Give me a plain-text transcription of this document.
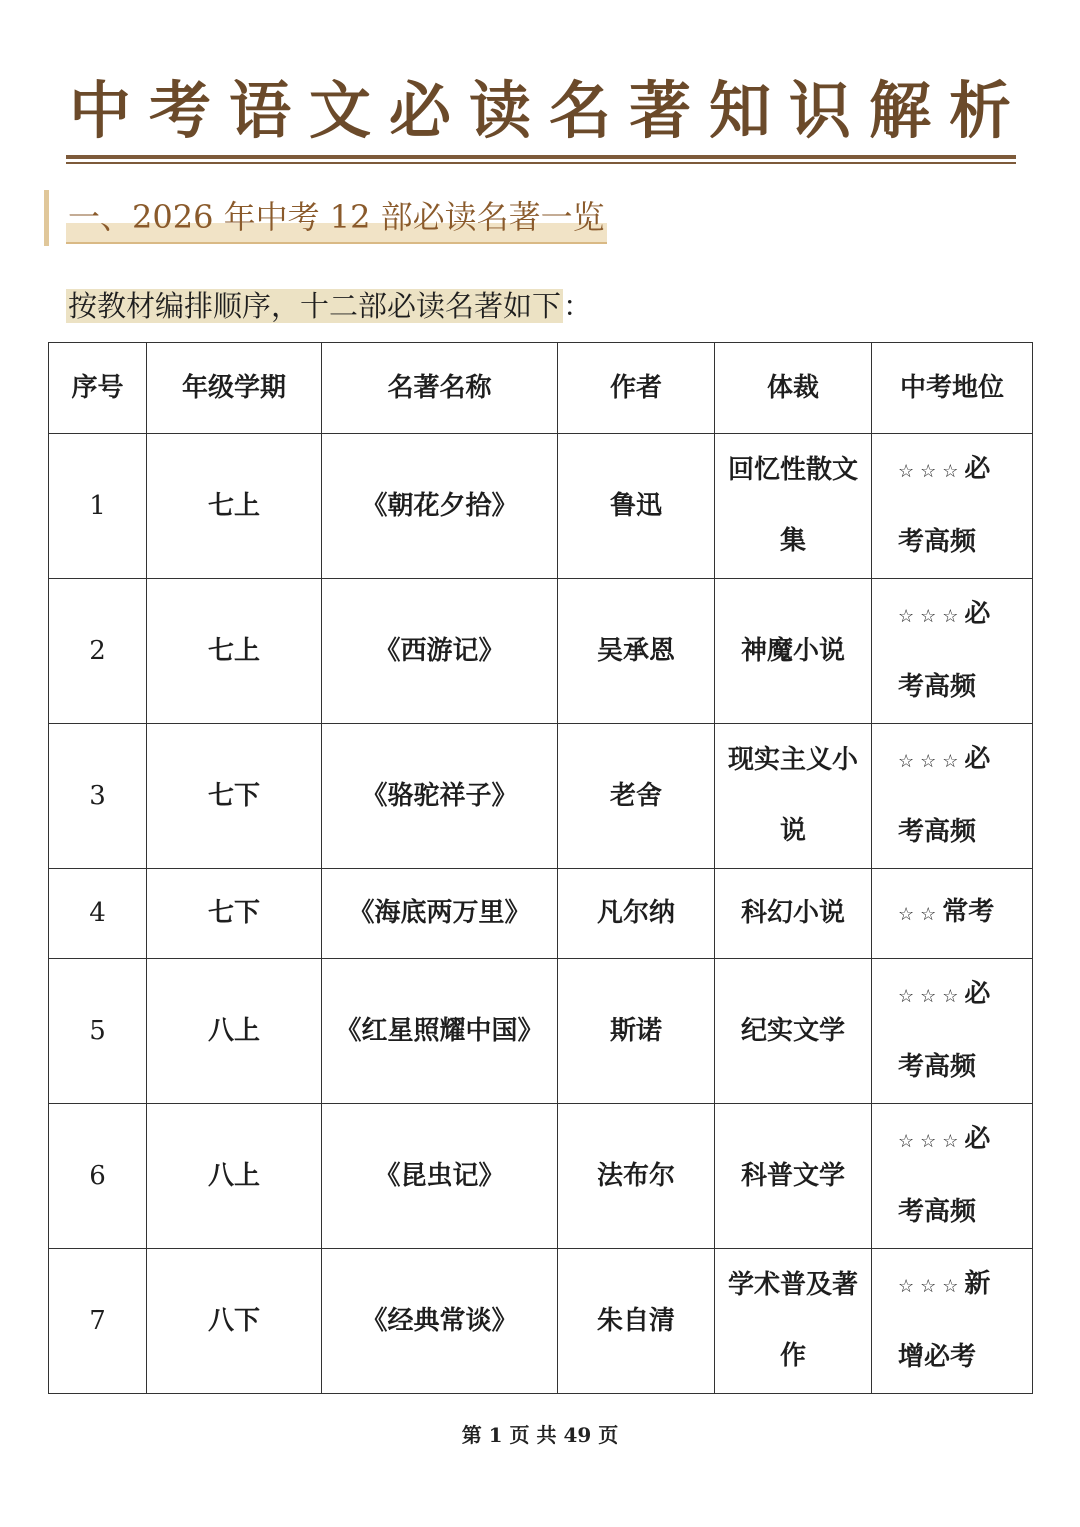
中考语文必读名著知识解析
一、2026 年中考 12 部必读名著一览
按教材编排顺序，十二部必读名著如下：
序号	年级学期	名著名称	作者	体裁	中考地位
1	七上	《朝花夕拾》	鲁迅	回忆性散文集	☆☆☆必考高频
2	七上	《西游记》	吴承恩	神魔小说	☆☆☆必考高频
3	七下	《骆驼祥子》	老舍	现实主义小说	☆☆☆必考高频
4	七下	《海底两万里》	凡尔纳	科幻小说	☆☆常考
5	八上	《红星照耀中国》	斯诺	纪实文学	☆☆☆必考高频
6	八上	《昆虫记》	法布尔	科普文学	☆☆☆必考高频
7	八下	《经典常谈》	朱自清	学术普及著作	☆☆☆新增必考
第 1 页 共 49 页
